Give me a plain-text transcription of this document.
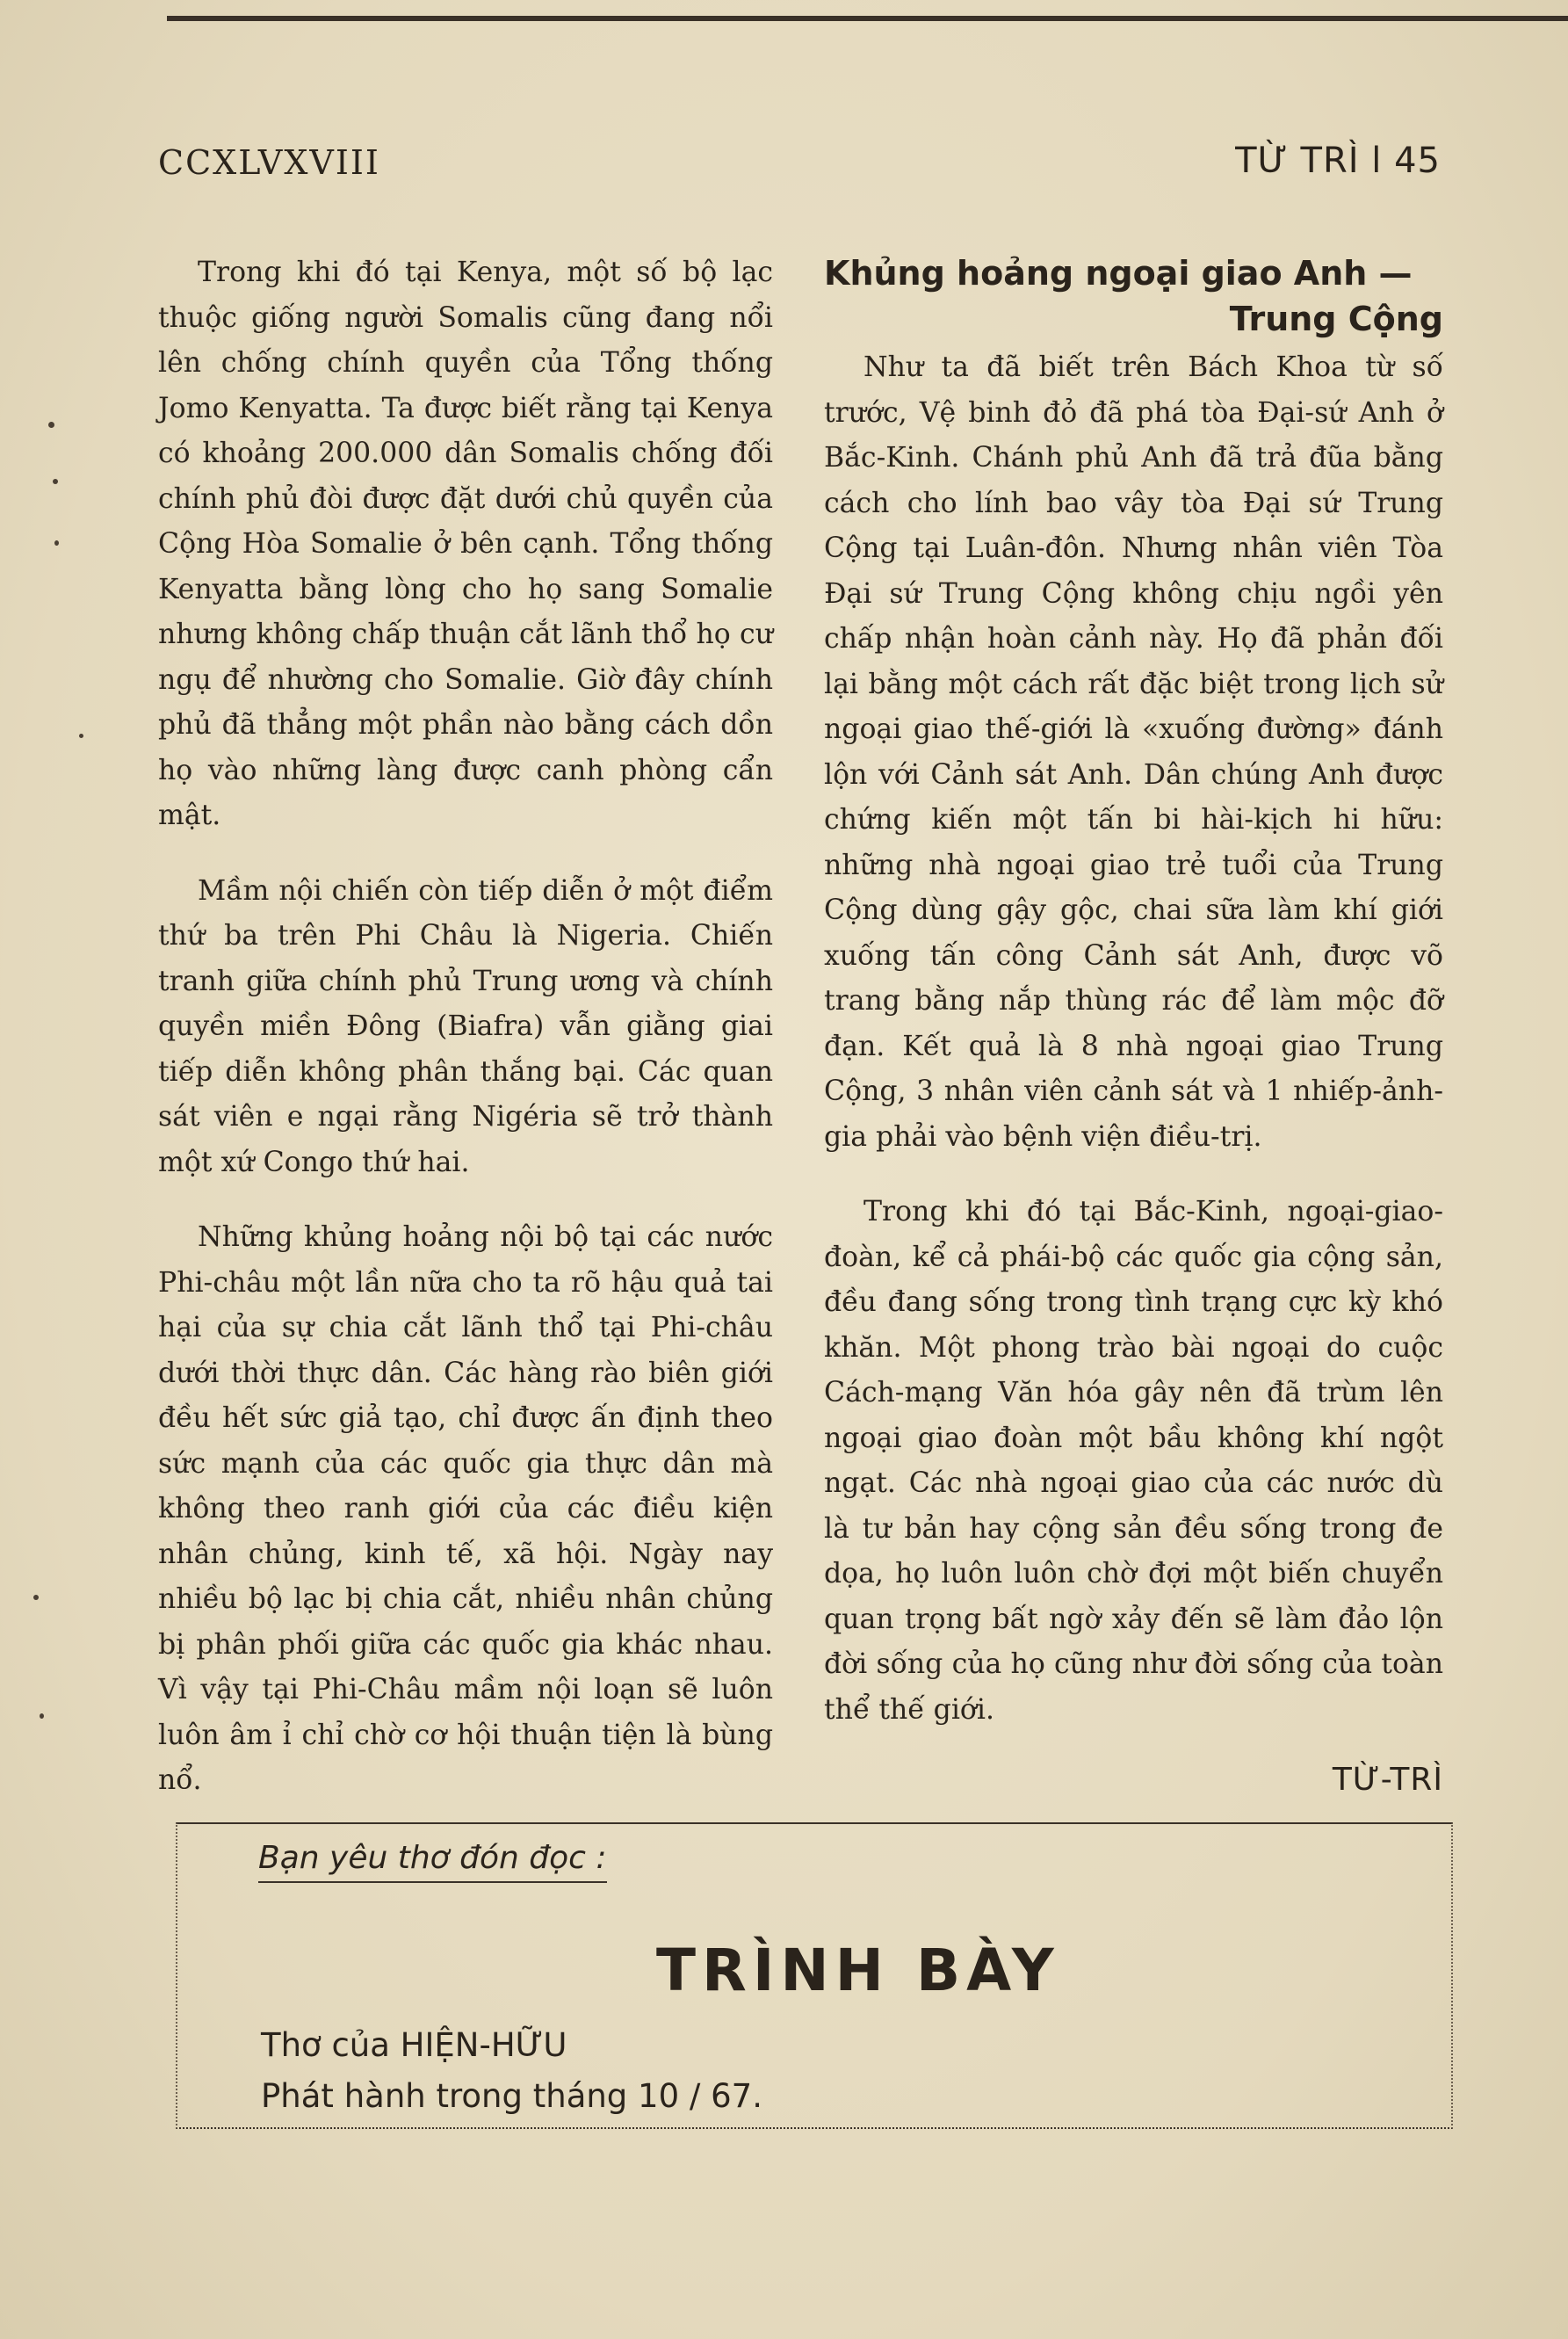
CCXLVXVIII	TỪ TRÌ l 45

Trong khi đó tại Kenya, một số bộ lạc thuộc giống người Somalis cũng đang nổi lên chống chính quyền của Tổng thống Jomo Kenyatta. Ta được biết rằng tại Kenya có khoảng 200.000 dân Somalis chống đối chính phủ đòi được đặt dưới chủ quyền của Cộng Hòa Somalie ở bên cạnh. Tổng thống Kenyatta bằng lòng cho họ sang Somalie nhưng không chấp thuận cắt lãnh thổ họ cư ngụ để nhường cho Somalie. Giờ đây chính phủ đã thẳng một phần nào bằng cách dồn họ vào những làng được canh phòng cẩn mật.

Mầm nội chiến còn tiếp diễn ở một điểm thứ ba trên Phi Châu là Nigeria. Chiến tranh giữa chính phủ Trung ương và chính quyền miền Đông (Biafra) vẫn giằng giai tiếp diễn không phân thắng bại. Các quan sát viên e ngại rằng Nigéria sẽ trở thành một xứ Congo thứ hai.

Những khủng hoảng nội bộ tại các nước Phi-châu một lần nữa cho ta rõ hậu quả tai hại của sự chia cắt lãnh thổ tại Phi-châu dưới thời thực dân. Các hàng rào biên giới đều hết sức giả tạo, chỉ được ấn định theo sức mạnh của các quốc gia thực dân mà không theo ranh giới của các điều kiện nhân chủng, kinh tế, xã hội. Ngày nay nhiều bộ lạc bị chia cắt, nhiều nhân chủng bị phân phối giữa các quốc gia khác nhau. Vì vậy tại Phi-Châu mầm nội loạn sẽ luôn luôn âm ỉ chỉ chờ cơ hội thuận tiện là bùng nổ.

Khủng hoảng ngoại giao Anh —
Trung Cộng

Như ta đã biết trên Bách Khoa từ số trước, Vệ binh đỏ đã phá tòa Đại-sứ Anh ở Bắc-Kinh. Chánh phủ Anh đã trả đũa bằng cách cho lính bao vây tòa Đại sứ Trung Cộng tại Luân-đôn. Nhưng nhân viên Tòa Đại sứ Trung Cộng không chịu ngồi yên chấp nhận hoàn cảnh này. Họ đã phản đối lại bằng một cách rất đặc biệt trong lịch sử ngoại giao thế-giới là «xuống đường» đánh lộn với Cảnh sát Anh. Dân chúng Anh được chứng kiến một tấn bi hài-kịch hi hữu: những nhà ngoại giao trẻ tuổi của Trung Cộng dùng gậy gộc, chai sữa làm khí giới xuống tấn công Cảnh sát Anh, được võ trang bằng nắp thùng rác để làm mộc đỡ đạn. Kết quả là 8 nhà ngoại giao Trung Cộng, 3 nhân viên cảnh sát và 1 nhiếp-ảnh-gia phải vào bệnh viện điều-trị.

Trong khi đó tại Bắc-Kinh, ngoại-giao-đoàn, kể cả phái-bộ các quốc gia cộng sản, đều đang sống trong tình trạng cực kỳ khó khăn. Một phong trào bài ngoại do cuộc Cách-mạng Văn hóa gây nên đã trùm lên ngoại giao đoàn một bầu không khí ngột ngạt. Các nhà ngoại giao của các nước dù là tư bản hay cộng sản đều sống trong đe dọa, họ luôn luôn chờ đợi một biến chuyển quan trọng bất ngờ xảy đến sẽ làm đảo lộn đời sống của họ cũng như đời sống của toàn thể thế giới.

TỪ-TRÌ
Bạn yêu thơ đón đọc :
TRÌNH BÀY
Thơ của HIỆN-HỮU
Phát hành trong tháng 10 / 67.
